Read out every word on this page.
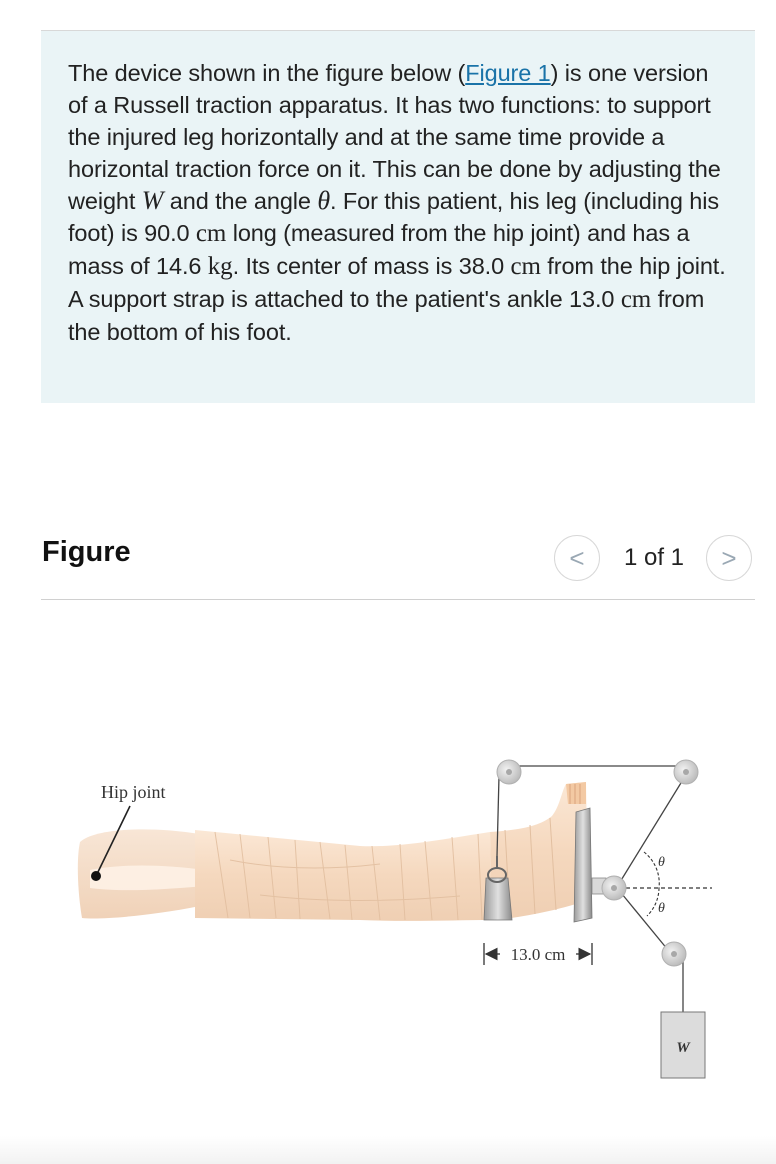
The device shown in the figure below (Figure 1) is one version of a Russell traction apparatus. It has two functions: to support the injured leg horizontally and at the same time provide a horizontal traction force on it. This can be done by adjusting the weight W and the angle θ. For this patient, his leg (including his foot) is 90.0 cm long (measured from the hip joint) and has a mass of 14.6 kg. Its center of mass is 38.0 cm from the hip joint. A support strap is attached to the patient's ankle 13.0 cm from the bottom of his foot.

Figure	< 1 of 1 >
W
θ
θ
Hip joint
13.0 cm
